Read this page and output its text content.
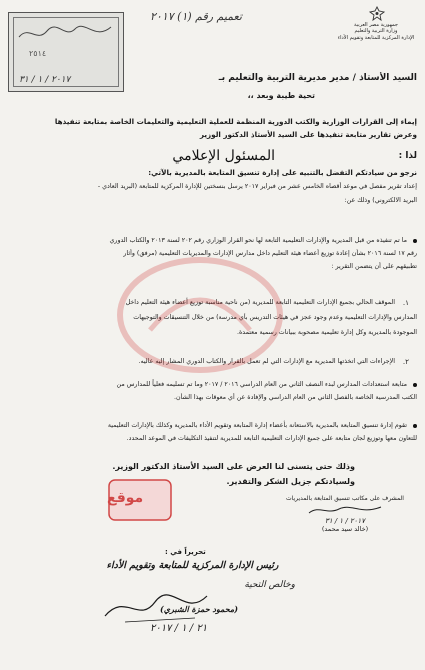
جمهورية مصر العربية
وزارة التربية والتعليم
الإدارة المركزية للمتابعة وتقويم الأداء
تعميم رقم (١) ٢٠١٧
٢٥١٤
٢٠١٧ / ١ / ٣١	السيد الأستاذ / مدير مديرية التربية والتعليم بـ
تحية طيبة وبعد ،،
إيماء إلى القرارات الوزارية والكتب الدورية المنظمة للعملية التعليمية والتعليمات الخاصة بمتابعة تنفيذها
وعرض تقارير متابعة تنفيذها على السيد الأستاذ الدكتور الوزير
لذا :
المسئول الإعلامي
نرجو من سيادتكم التفضل بالتنبيه على إدارة تنسيق المتابعة بالمديرية بالآتي:
إعداد تقرير مفصل في موعد أقصاه الخامس عشر من فبراير ٢٠١٧ يرسل بنسختين للإدارة المركزية للمتابعة (البريد العادي -
البريد الالكتروني) وذلك عن:
ما تم تنفيذه من قبل المديرية والإدارات التعليمية التابعة لها نحو القرار الوزاري رقم ٢٠٢ لسنة ٢٠١٣ والكتاب الدوري
رقم ١٧ لسنة ٢٠١٦ بشأن إعادة توزيع أعضاء هيئة التعليم داخل مدارس الإدارات والمديريات التعليمية (مرفق) وأثار
تطبيقهم على أن يتضمن التقرير :
١.
الموقف الحالي بجميع الإدارات التعليمية التابعة للمديرية (من ناحية مناسبة توزيع أعضاء هيئة التعليم داخل
المدارس والإدارات التعليمية وعدم وجود عجز في هيئات التدريس بأي مدرسة) من خلال التنسيقات والتوجيهات
الموجودة بالمديرية وكل إدارة تعليمية مصحوبة ببيانات رسمية معتمدة.
٢.
الإجراءات التي اتخذتها المديرية مع الإدارات التي لم تعمل بالقرار والكتاب الدوري المشار إليه عاليه.
متابعة استعدادات المدارس لبدء النصف الثاني من العام الدراسي ٢٠١٦ / ٢٠١٧ وما تم تسليمه فعلياً للمدارس من
الكتب المدرسية الخاصة بالفصل الثاني من العام الدراسي والإفادة عن أي معوقات بهذا الشأن.
تقوم إدارة تنسيق المتابعة بالمديرية بالاستعانة بأعضاء إدارة المتابعة وتقويم الأداء بالمديرية وكذلك بالإدارات التعليمية
للتعاون معها وتوزيع لجان متابعة على جميع الإدارات التعليمية التابعة للمديرية لتنفيذ التكليفات في الموعد المحدد.
وذلك حتى يتسنى لنا العرض على السيد الأستاذ الدكتور الوزير.
ولسيادتكم جزيل الشكر والتقدير.
موقع	المشرف على مكاتب تنسيق المتابعة بالمديريات
٢٠١٧ / ١ / ٣١
(خالد سيد محمد)
تحريراً في :
رئيس الإدارة المركزية للمتابعة وتقويم الأداء
وخالص التحية
(محمود حمزة الشبري)
٢١ / ١ / ٢٠١٧
